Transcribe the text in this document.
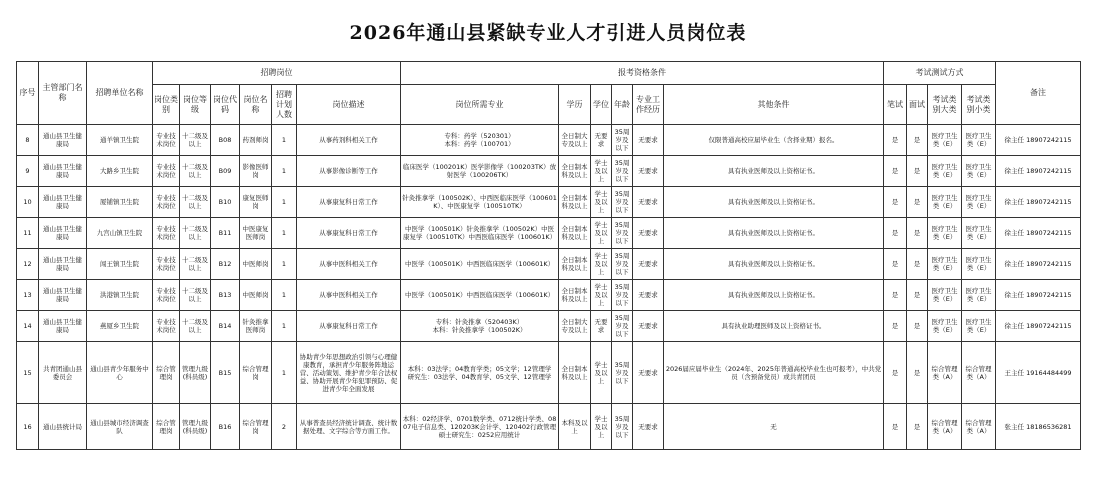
2026年通山县紧缺专业人才引进人员岗位表
序号	主管部门名称	招聘单位名称	招聘岗位						报考资格条件						考试测试方式				备注
			岗位类别	岗位等级	岗位代码	岗位名称	招聘计划人数	岗位描述	岗位所需专业	学历	学位	年龄	专业工作经历	其他条件	笔试	面试	考试类别大类	考试类别小类	
8	通山县卫生健康局	通羊镇卫生院	专业技术岗位	十二级及以上	B08	药剂师岗	1	从事药剂科相关工作	专科：药学（520301）
本科：药学（100701）	全日制大专及以上	无要求	35周岁及以下	无要求	仅限普通高校应届毕业生（含择业期）报名。	是	是	医疗卫生类（E）	医疗卫生类（E）	徐主任 18907242115
9	通山县卫生健康局	大路乡卫生院	专业技术岗位	十二级及以上	B09	影像医师岗	1	从事影像诊断等工作	临床医学（100201K）医学影像学（100203TK）放射医学（100206TK）	全日制本科及以上	学士及以上	35周岁及以下	无要求	具有执业医师及以上资格证书。	是	是	医疗卫生类（E）	医疗卫生类（E）	徐主任 18907242115
10	通山县卫生健康局	厦铺镇卫生院	专业技术岗位	十二级及以上	B10	康复医师岗	1	从事康复科日常工作	针灸推拿学（100502K）、中西医临床医学（100601K）、中医康复学（100510TK）	全日制本科及以上	学士及以上	35周岁及以下	无要求	具有执业医师及以上资格证书。	是	是	医疗卫生类（E）	医疗卫生类（E）	徐主任 18907242115
11	通山县卫生健康局	九宫山镇卫生院	专业技术岗位	十二级及以上	B11	中医康复医师岗	1	从事康复科日常工作	中医学（100501K）针灸推拿学（100502K）中医康复学（100510TK）中西医临床医学（100601K）	全日制本科及以上	学士及以上	35周岁及以下	无要求	具有执业医师及以上资格证书。	是	是	医疗卫生类（E）	医疗卫生类（E）	徐主任 18907242115
12	通山县卫生健康局	闯王镇卫生院	专业技术岗位	十二级及以上	B12	中医师岗	1	从事中医科相关工作	中医学（100501K）中西医临床医学（100601K）	全日制本科及以上	学士及以上	35周岁及以下	无要求	具有执业医师及以上资格证书。	是	是	医疗卫生类（E）	医疗卫生类（E）	徐主任 18907242115
13	通山县卫生健康局	洪港镇卫生院	专业技术岗位	十二级及以上	B13	中医师岗	1	从事中医科相关工作	中医学（100501K）中西医临床医学（100601K）	全日制本科及以上	学士及以上	35周岁及以下	无要求	具有执业医师及以上资格证书。	是	是	医疗卫生类（E）	医疗卫生类（E）	徐主任 18907242115
14	通山县卫生健康局	燕厦乡卫生院	专业技术岗位	十二级及以上	B14	针灸推拿医师岗	1	从事康复科日常工作	专科：针灸推拿（520403K）
本科：针灸推拿学（100502K）	全日制大专及以上	无要求	35周岁及以下	无要求	具有执业助理医师及以上资格证书。	是	是	医疗卫生类（E）	医疗卫生类（E）	徐主任 18907242115
15	共青团通山县委员会	通山县青少年服务中心	综合管理岗	管理九级(科员级)	B15	综合管理岗	1	协助青少年思想政治引领与心理健康教育，承担青少年服务阵地运营、活动策划、维护青少年合法权益、协助开展青少年犯罪预防、促进青少年全面发展	本科：03法学；04教育学类；05文学；12管理学
研究生：03法学、04教育学、05文学、12管理学	全日制本科及以上	学士及以上	35周岁及以下	无要求	2026届应届毕业生（2024年、2025年普通高校毕业生也可报考），中共党员（含预备党员）或共青团员	是	是	综合管理类（A）	综合管理类（A）	王主任 19164484499
16	通山县统计局	通山县城市经济调查队	综合管理岗	管理九级(科员级)	B16	综合管理岗	2	从事普查员经济统计调查、统计数据处理、文字综合等方面工作。	本科：02经济学、0701数学类、0712统计学类、0807电子信息类、120203K会计学、120402行政管理
硕士研究生：0252应用统计	本科及以上	学士及以上	35周岁及以下	无要求	无	是	是	综合管理类（A）	综合管理类（A）	张主任 18186536281
